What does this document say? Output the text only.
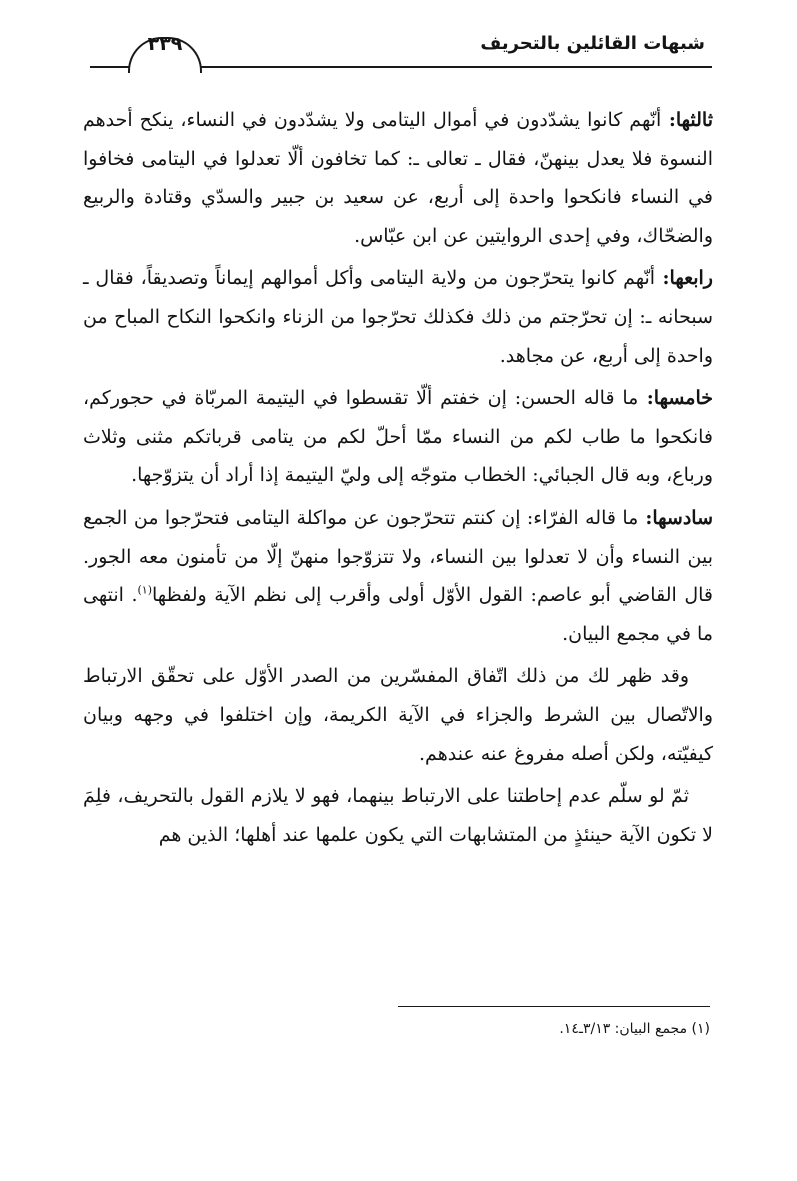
شبهات القائلين بالتحريف
٣٣٩

ثالثها: أنّهم كانوا يشدّدون في أموال اليتامى ولا يشدّدون في النساء، ينكح أحدهم النسوة فلا يعدل بينهنّ، فقال ـ تعالى ـ: كما تخافون ألّا تعدلوا في اليتامى فخافوا في النساء فانكحوا واحدة إلى أربع، عن سعيد بن جبير والسدّي وقتادة والربيع والضحّاك، وفي إحدى الروايتين عن ابن عبّاس.

رابعها: أنّهم كانوا يتحرّجون من ولاية اليتامى وأكل أموالهم إيماناً وتصديقاً، فقال ـ سبحانه ـ: إن تحرّجتم من ذلك فكذلك تحرّجوا من الزناء وانكحوا النكاح المباح من واحدة إلى أربع، عن مجاهد.

خامسها: ما قاله الحسن: إن خفتم ألّا تقسطوا في اليتيمة المربّاة في حجوركم، فانكحوا ما طاب لكم من النساء ممّا أحلّ لكم من يتامى قرباتكم مثنى وثلاث ورباع، وبه قال الجبائي: الخطاب متوجّه إلى وليّ اليتيمة إذا أراد أن يتزوّجها.

سادسها: ما قاله الفرّاء: إن كنتم تتحرّجون عن مواكلة اليتامى فتحرّجوا من الجمع بين النساء وأن لا تعدلوا بين النساء، ولا تتزوّجوا منهنّ إلّا من تأمنون معه الجور. قال القاضي أبو عاصم: القول الأوّل أولى وأقرب إلى نظم الآية ولفظها$^{(١)}$. انتهى ما في مجمع البيان.

وقد ظهر لك من ذلك اتّفاق المفسّرين من الصدر الأوّل على تحقّق الارتباط والاتّصال بين الشرط والجزاء في الآية الكريمة، وإن اختلفوا في وجهه وبيان كيفيّته، ولكن أصله مفروغ عنه عندهم.

ثمّ لو سلّم عدم إحاطتنا على الارتباط بينهما، فهو لا يلازم القول بالتحريف، فلِمَ لا تكون الآية حينئذٍ من المتشابهات التي يكون علمها عند أهلها؛ الذين هم

(١) مجمع البيان: ٣/١٣ـ١٤.
